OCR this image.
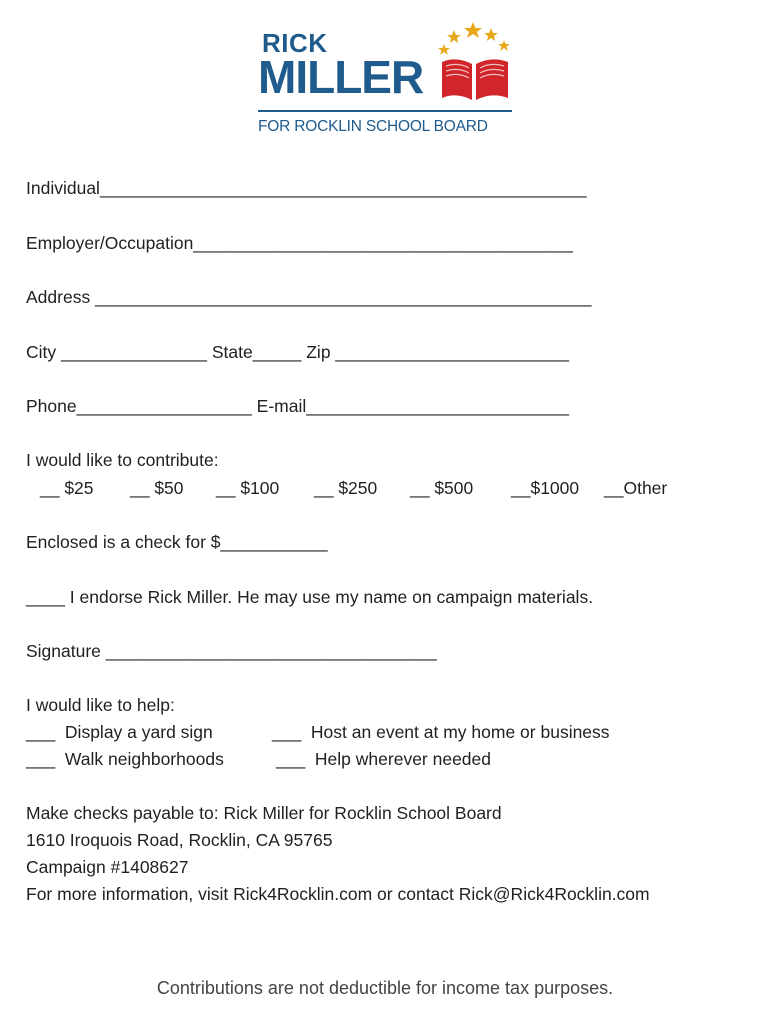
RICK
MILLER
FOR ROCKLIN SCHOOL BOARD
Individual__________________________________________________
Employer/Occupation_______________________________________
Address ___________________________________________________
City _______________ State_____ Zip ________________________
Phone__________________ E-mail___________________________
I would like to contribute:
__ $25 __ $50 __ $100 __ $250 __ $500 __$1000 __Other
Enclosed is a check for $___________
____ I endorse Rick Miller. He may use my name on campaign materials.
Signature __________________________________
I would like to help:
___  Display a yard sign	___  Host an event at my home or business
___  Walk neighborhoods	___  Help wherever needed
Make checks payable to: Rick Miller for Rocklin School Board
1610 Iroquois Road, Rocklin, CA 95765
Campaign #1408627
For more information, visit Rick4Rocklin.com or contact Rick@Rick4Rocklin.com
Contributions are not deductible for income tax purposes.
